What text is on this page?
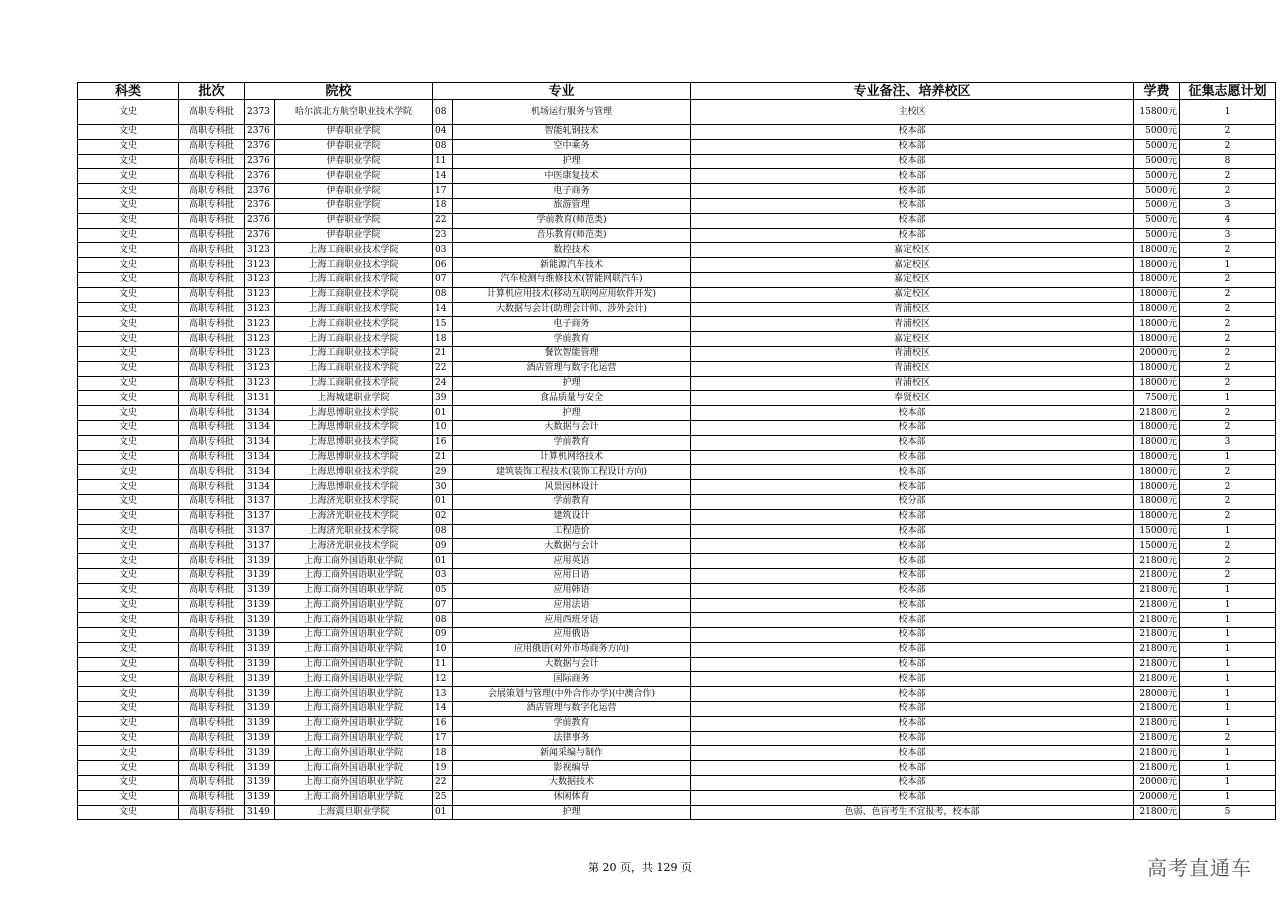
科类	批次	院校		专业		专业备注、培养校区	学费	征集志愿计划
文史	高职专科批	2373	哈尔滨北方航空职业技术学院	08	机场运行服务与管理	主校区	15800元	1
文史	高职专科批	2376	伊春职业学院	04	智能轧钢技术	校本部	5000元	2
文史	高职专科批	2376	伊春职业学院	08	空中乘务	校本部	5000元	2
文史	高职专科批	2376	伊春职业学院	11	护理	校本部	5000元	8
文史	高职专科批	2376	伊春职业学院	14	中医康复技术	校本部	5000元	2
文史	高职专科批	2376	伊春职业学院	17	电子商务	校本部	5000元	2
文史	高职专科批	2376	伊春职业学院	18	旅游管理	校本部	5000元	3
文史	高职专科批	2376	伊春职业学院	22	学前教育(师范类)	校本部	5000元	4
文史	高职专科批	2376	伊春职业学院	23	音乐教育(师范类)	校本部	5000元	3
文史	高职专科批	3123	上海工商职业技术学院	03	数控技术	嘉定校区	18000元	2
文史	高职专科批	3123	上海工商职业技术学院	06	新能源汽车技术	嘉定校区	18000元	1
文史	高职专科批	3123	上海工商职业技术学院	07	汽车检测与维修技术(智能网联汽车)	嘉定校区	18000元	2
文史	高职专科批	3123	上海工商职业技术学院	08	计算机应用技术(移动互联网应用软件开发)	嘉定校区	18000元	2
文史	高职专科批	3123	上海工商职业技术学院	14	大数据与会计(助理会计师、涉外会计)	青浦校区	18000元	2
文史	高职专科批	3123	上海工商职业技术学院	15	电子商务	青浦校区	18000元	2
文史	高职专科批	3123	上海工商职业技术学院	18	学前教育	嘉定校区	18000元	2
文史	高职专科批	3123	上海工商职业技术学院	21	餐饮智能管理	青浦校区	20000元	2
文史	高职专科批	3123	上海工商职业技术学院	22	酒店管理与数字化运营	青浦校区	18000元	2
文史	高职专科批	3123	上海工商职业技术学院	24	护理	青浦校区	18000元	2
文史	高职专科批	3131	上海城建职业学院	39	食品质量与安全	奉贤校区	7500元	1
文史	高职专科批	3134	上海思博职业技术学院	01	护理	校本部	21800元	2
文史	高职专科批	3134	上海思博职业技术学院	10	大数据与会计	校本部	18000元	2
文史	高职专科批	3134	上海思博职业技术学院	16	学前教育	校本部	18000元	3
文史	高职专科批	3134	上海思博职业技术学院	21	计算机网络技术	校本部	18000元	1
文史	高职专科批	3134	上海思博职业技术学院	29	建筑装饰工程技术(装饰工程设计方向)	校本部	18000元	2
文史	高职专科批	3134	上海思博职业技术学院	30	风景园林设计	校本部	18000元	2
文史	高职专科批	3137	上海济光职业技术学院	01	学前教育	校分部	18000元	2
文史	高职专科批	3137	上海济光职业技术学院	02	建筑设计	校本部	18000元	2
文史	高职专科批	3137	上海济光职业技术学院	08	工程造价	校本部	15000元	1
文史	高职专科批	3137	上海济光职业技术学院	09	大数据与会计	校本部	15000元	2
文史	高职专科批	3139	上海工商外国语职业学院	01	应用英语	校本部	21800元	2
文史	高职专科批	3139	上海工商外国语职业学院	03	应用日语	校本部	21800元	2
文史	高职专科批	3139	上海工商外国语职业学院	05	应用韩语	校本部	21800元	1
文史	高职专科批	3139	上海工商外国语职业学院	07	应用法语	校本部	21800元	1
文史	高职专科批	3139	上海工商外国语职业学院	08	应用西班牙语	校本部	21800元	1
文史	高职专科批	3139	上海工商外国语职业学院	09	应用俄语	校本部	21800元	1
文史	高职专科批	3139	上海工商外国语职业学院	10	应用俄语(对外市场商务方向)	校本部	21800元	1
文史	高职专科批	3139	上海工商外国语职业学院	11	大数据与会计	校本部	21800元	1
文史	高职专科批	3139	上海工商外国语职业学院	12	国际商务	校本部	21800元	1
文史	高职专科批	3139	上海工商外国语职业学院	13	会展策划与管理(中外合作办学)(中澳合作)	校本部	28000元	1
文史	高职专科批	3139	上海工商外国语职业学院	14	酒店管理与数字化运营	校本部	21800元	1
文史	高职专科批	3139	上海工商外国语职业学院	16	学前教育	校本部	21800元	1
文史	高职专科批	3139	上海工商外国语职业学院	17	法律事务	校本部	21800元	2
文史	高职专科批	3139	上海工商外国语职业学院	18	新闻采编与制作	校本部	21800元	1
文史	高职专科批	3139	上海工商外国语职业学院	19	影视编导	校本部	21800元	1
文史	高职专科批	3139	上海工商外国语职业学院	22	大数据技术	校本部	20000元	1
文史	高职专科批	3139	上海工商外国语职业学院	25	休闲体育	校本部	20000元	1
文史	高职专科批	3149	上海震旦职业学院	01	护理	色弱、色盲考生不宜报考，校本部	21800元	5
第 20 页，共 129 页	高考直通车
